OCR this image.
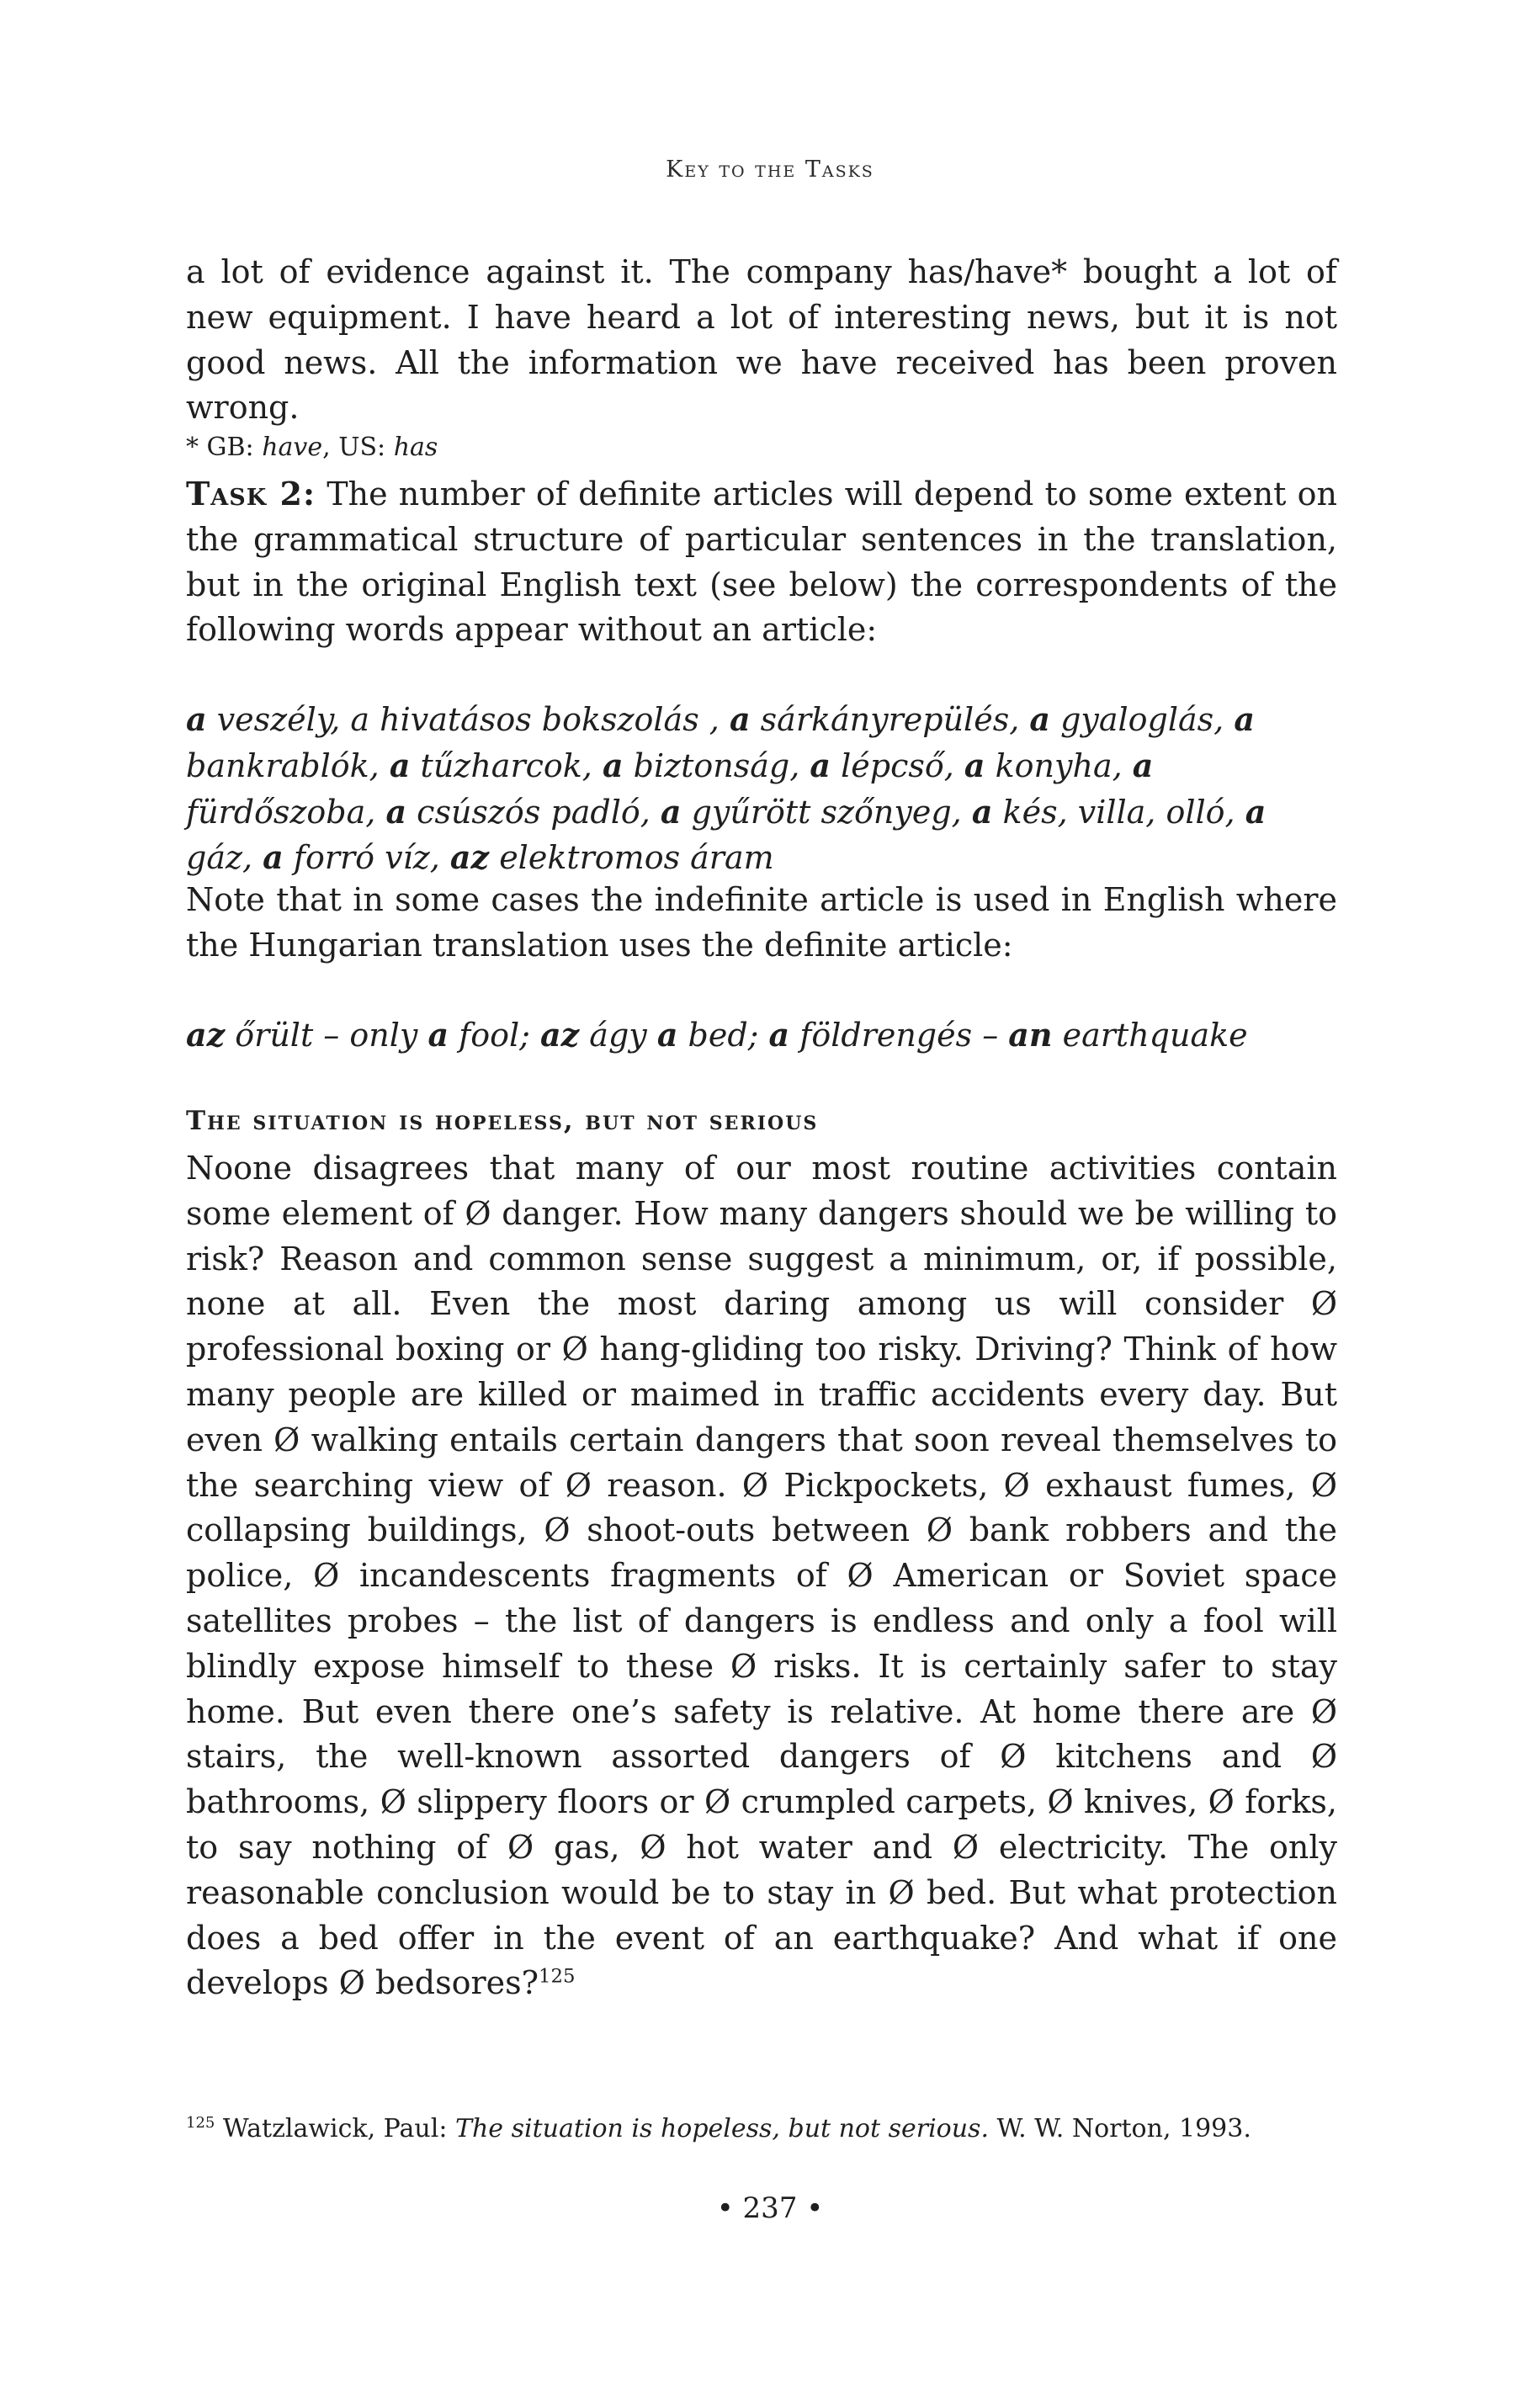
Key to the Tasks

a lot of evidence against it. The company has/have* bought a lot of new equipment. I have heard a lot of interesting news, but it is not good news. All the information we have received has been proven wrong.

* GB: have, US: has

Task 2: The number of definite articles will depend to some extent on the grammatical structure of particular sentences in the translation, but in the original English text (see below) the correspondents of the following words appear without an article:

a veszély, a hivatásos bokszolás , a sárkányrepülés, a gyaloglás, a bankrablók, a tűzharcok, a biztonság, a lépcső, a konyha, a fürdőszoba, a csúszós padló, a gyűrött szőnyeg, a kés, villa, olló, a gáz, a forró víz, az elektromos áram

Note that in some cases the indefinite article is used in English where the Hungarian translation uses the definite article:

az őrült – only a fool; az ágy a bed; a földrengés – an earthquake

The situation is hopeless, but not serious

Noone disagrees that many of our most routine activities contain some element of Ø danger. How many dangers should we be willing to risk? Reason and common sense suggest a minimum, or, if possible, none at all. Even the most daring among us will consider Ø professional boxing or Ø hang-gliding too risky. Driving? Think of how many people are killed or maimed in traffic accidents every day. But even Ø walking entails certain dangers that soon reveal themselves to the searching view of Ø reason. Ø Pickpockets, Ø exhaust fumes, Ø collapsing buildings, Ø shoot-outs between Ø bank robbers and the police, Ø incandescents fragments of Ø American or Soviet space satellites probes – the list of dangers is endless and only a fool will blindly expose himself to these Ø risks. It is certainly safer to stay home. But even there one’s safety is relative. At home there are Ø stairs, the well-known assorted dangers of Ø kitchens and Ø bathrooms, Ø slippery floors or Ø crumpled carpets, Ø knives, Ø forks, to say nothing of Ø gas, Ø hot water and Ø electricity. The only reasonable conclusion would be to stay in Ø bed. But what protection does a bed offer in the event of an earthquake? And what if one develops Ø bedsores?$^{125}$

$^{125}$ Watzlawick, Paul: The situation is hopeless, but not serious. W. W. Norton, 1993.
• 237 •
